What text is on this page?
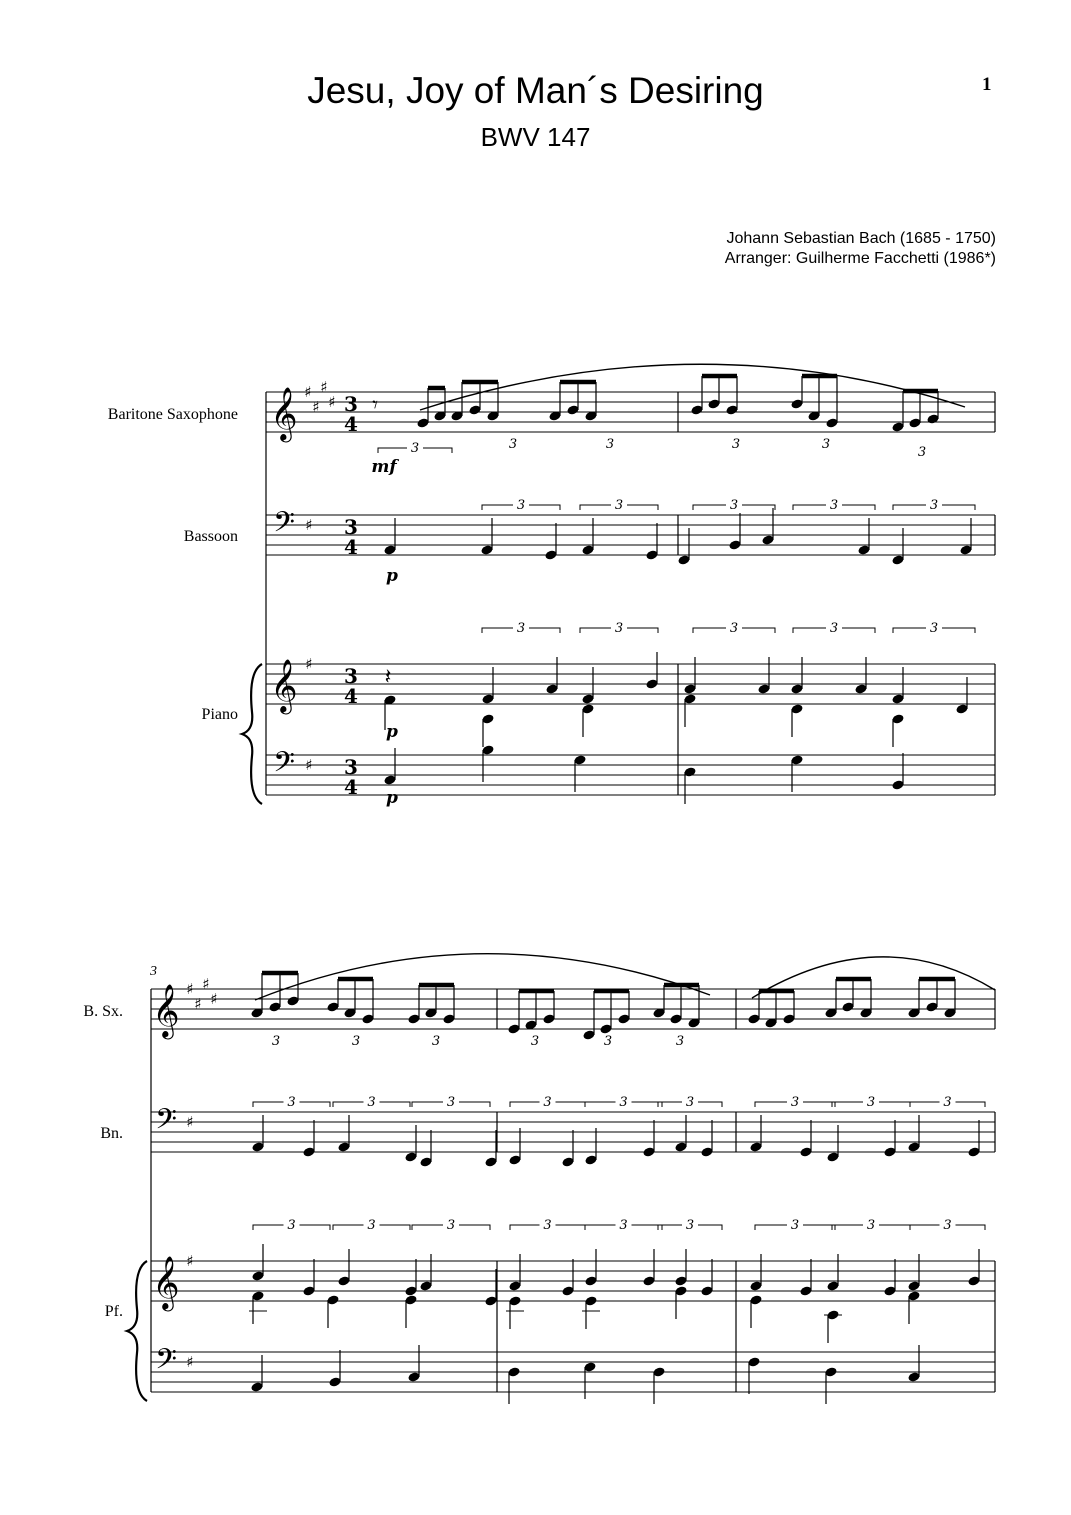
Jesu, Joy of Man´s Desiring
BWV 147
1
Johann Sebastian Bach (1685 - 1750)
Arranger: Guilherme Facchetti (1986*)
Baritone Saxophone
Bassoon
Piano
B. Sx.
Bn.
Pf.
3
𝄞 ♯
♯
♯
♯ 3
4
𝄢 ♯ 3
4
𝄞 ♯ 3
4
𝄢 ♯ 3
4
𝄾
3	3	3
mf
3	3
3
p
3	3	3	3	3
𝄽
p
3	3	3	3	3
p
𝄞 ♯
♯
♯
♯
𝄢 ♯
𝄞 ♯
𝄢 ♯
3	3	3	3	3	3
3	3	3	3	3	3	3	3	3
3	3	3	3	3	3	3	3	3
